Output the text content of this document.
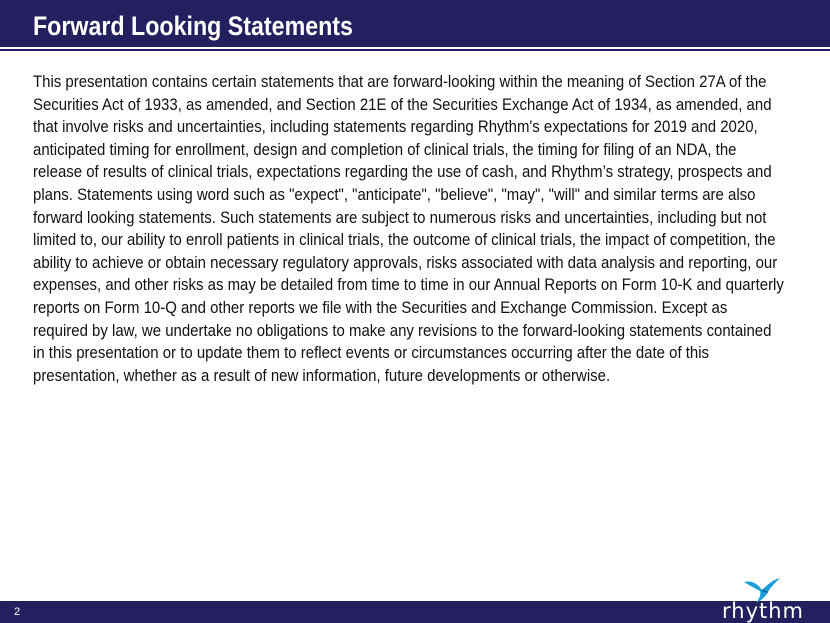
Forward Looking Statements
This presentation contains certain statements that are forward-looking within the meaning of Section 27A of the Securities Act of 1933, as amended, and Section 21E of the Securities Exchange Act of 1934, as amended, and that involve risks and uncertainties, including statements regarding Rhythm's expectations for 2019 and 2020, anticipated timing for enrollment, design and completion of clinical trials, the timing for filing of an NDA, the release of results of clinical trials, expectations regarding the use of cash, and Rhythm’s strategy, prospects and plans. Statements using word such as "expect", "anticipate", "believe", "may", "will" and similar terms are also forward looking statements. Such statements are subject to numerous risks and uncertainties, including but not limited to, our ability to enroll patients in clinical trials, the outcome of clinical trials, the impact of competition, the ability to achieve or obtain necessary regulatory approvals, risks associated with data analysis and reporting, our expenses, and other risks as may be detailed from time to time in our Annual Reports on Form 10-K and quarterly reports on Form 10-Q and other reports we file with the Securities and Exchange Commission. Except as required by law, we undertake no obligations to make any revisions to the forward-looking statements contained in this presentation or to update them to reflect events or circumstances occurring after the date of this presentation, whether as a result of new information, future developments or otherwise.
2	rhythm
